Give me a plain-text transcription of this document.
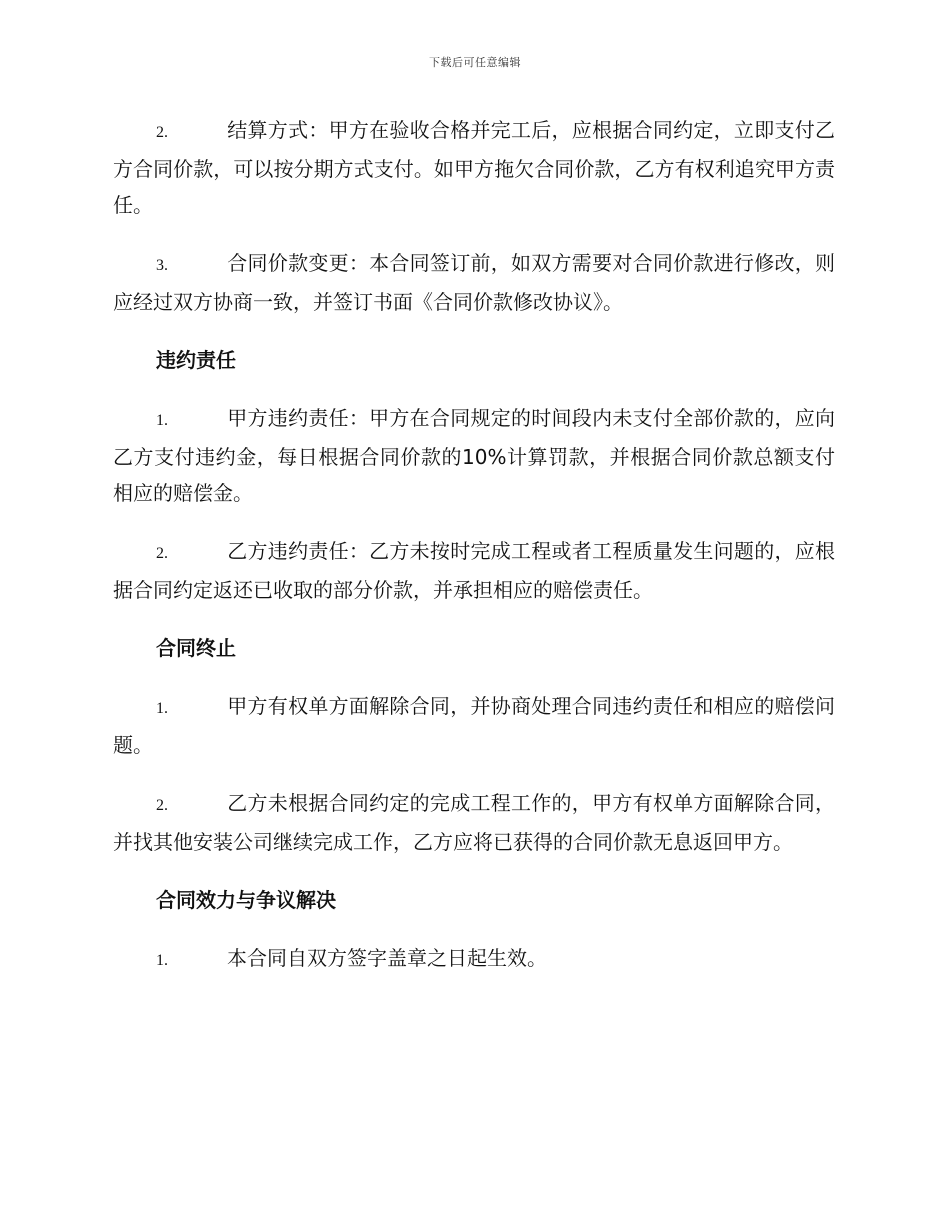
下载后可任意编辑

2.	结算方式：甲方在验收合格并完工后，应根据合同约定，立即支付乙方合同价款，可以按分期方式支付。如甲方拖欠合同价款，乙方有权利追究甲方责任。

3.	合同价款变更：本合同签订前，如双方需要对合同价款进行修改，则应经过双方协商一致，并签订书面《合同价款修改协议》。

违约责任

1.	甲方违约责任：甲方在合同规定的时间段内未支付全部价款的，应向乙方支付违约金，每日根据合同价款的10%计算罚款，并根据合同价款总额支付相应的赔偿金。

2.	乙方违约责任：乙方未按时完成工程或者工程质量发生问题的，应根据合同约定返还已收取的部分价款，并承担相应的赔偿责任。

合同终止

1.	甲方有权单方面解除合同，并协商处理合同违约责任和相应的赔偿问题。

2.	乙方未根据合同约定的完成工程工作的，甲方有权单方面解除合同，并找其他安装公司继续完成工作，乙方应将已获得的合同价款无息返回甲方。

合同效力与争议解决

1.	本合同自双方签字盖章之日起生效。
